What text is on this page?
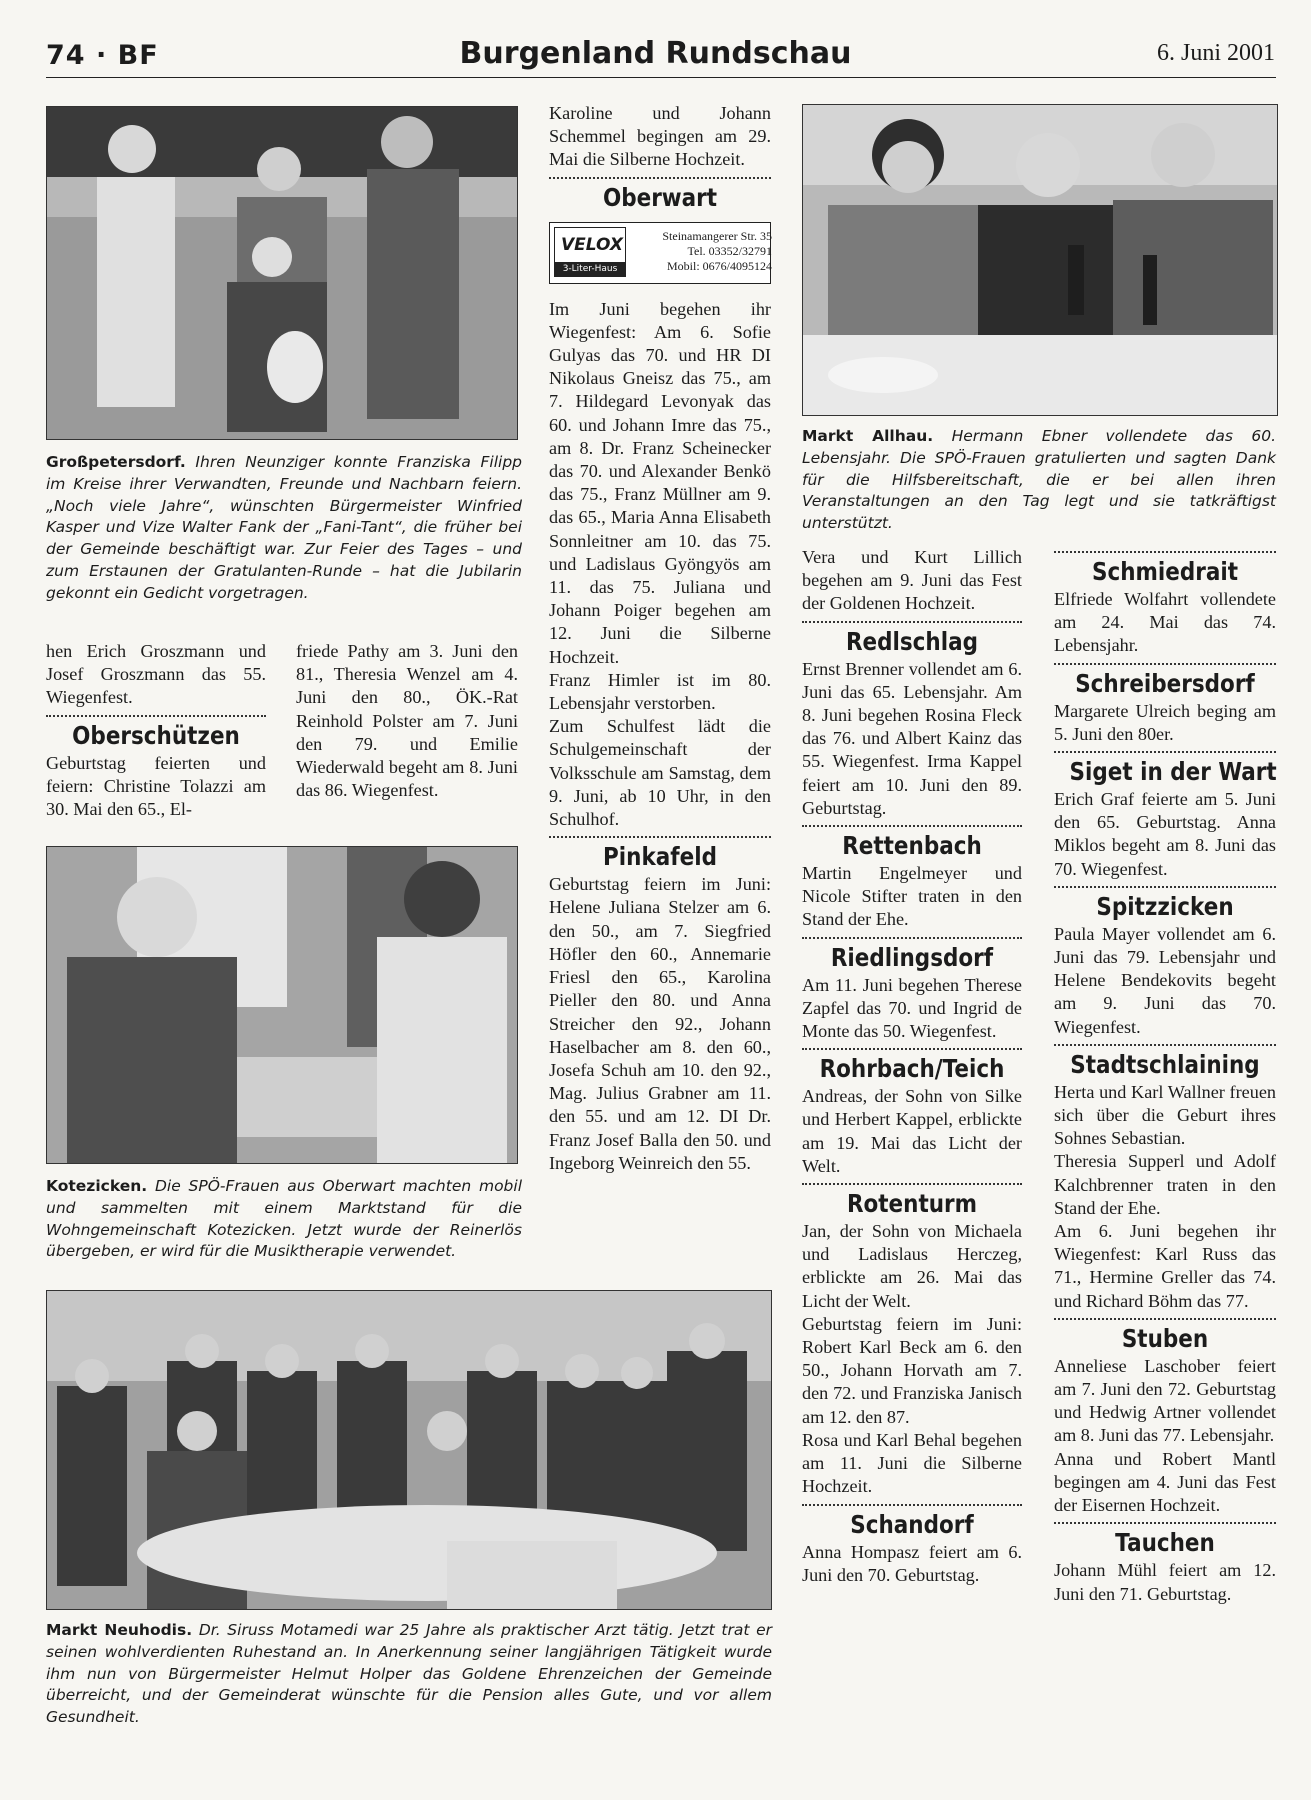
74 · BF	Burgenland Rundschau	6. Juni 2001
Großpetersdorf. Ihren Neunziger konnte Franziska Filipp im Kreise ihrer Verwandten, Freunde und Nachbarn feiern. „Noch viele Jahre“, wünschten Bürgermeister Winfried Kasper und Vize Walter Fank der „Fani-Tant“, die früher bei der Gemeinde beschäftigt war. Zur Feier des Tages – und zum Erstaunen der Gratulanten-Runde – hat die Jubilarin gekonnt ein Gedicht vorgetragen.

hen Erich Groszmann und Josef Groszmann das 55. Wiegenfest.

Oberschützen

Geburtstag feierten und feiern: Christine Tolazzi am 30. Mai den 65., El-

friede Pathy am 3. Juni den 81., Theresia Wenzel am 4. Juni den 80., ÖK.-Rat Reinhold Polster am 7. Juni den 79. und Emilie Wiederwald begeht am 8. Juni das 86. Wiegenfest.

Kotezicken. Die SPÖ-Frauen aus Oberwart machten mobil und sammelten mit einem Marktstand für die Wohngemeinschaft Kotezicken. Jetzt wurde der Reinerlös übergeben, er wird für die Musiktherapie verwendet.
Markt Neuhodis. Dr. Siruss Motamedi war 25 Jahre als praktischer Arzt tätig. Jetzt trat er seinen wohlverdienten Ruhestand an. In Anerkennung seiner langjährigen Tätigkeit wurde ihm nun von Bürgermeister Helmut Holper das Goldene Ehrenzeichen der Gemeinde überreicht, und der Gemeinderat wünschte für die Pension alles Gute, und vor allem Gesundheit.

Karoline und Johann Schemmel begingen am 29. Mai die Silberne Hochzeit.

Oberwart
VELOX
3-Liter-Haus
Steinamangerer Str. 35
Tel. 03352/32791
Mobil: 0676/4095124

Im Juni begehen ihr Wiegenfest: Am 6. Sofie Gulyas das 70. und HR DI Nikolaus Gneisz das 75., am 7. Hildegard Levonyak das 60. und Johann Imre das 75., am 8. Dr. Franz Scheinecker das 70. und Alexander Benkö das 75., Franz Müllner am 9. das 65., Maria Anna Elisabeth Sonnleitner am 10. das 75. und Ladislaus Gyöngyös am 11. das 75. Juliana und Johann Poiger begehen am 12. Juni die Silberne Hochzeit.

Franz Himler ist im 80. Lebensjahr verstorben.

Zum Schulfest lädt die Schulgemeinschaft der Volksschule am Samstag, dem 9. Juni, ab 10 Uhr, in den Schulhof.

Pinkafeld

Geburtstag feiern im Juni: Helene Juliana Stelzer am 6. den 50., am 7. Siegfried Höfler den 60., Annemarie Friesl den 65., Karolina Pieller den 80. und Anna Streicher den 92., Johann Haselbacher am 8. den 60., Josefa Schuh am 10. den 92., Mag. Julius Grabner am 11. den 55. und am 12. DI Dr. Franz Josef Balla den 50. und Ingeborg Weinreich den 55.

Markt Allhau. Hermann Ebner vollendete das 60. Lebensjahr. Die SPÖ-Frauen gratulierten und sagten Dank für die Hilfsbereitschaft, die er bei allen ihren Veranstaltungen an den Tag legt und sie tatkräftigst unterstützt.

Vera und Kurt Lillich begehen am 9. Juni das Fest der Goldenen Hochzeit.

Redlschlag

Ernst Brenner vollendet am 6. Juni das 65. Lebensjahr. Am 8. Juni begehen Rosina Fleck das 76. und Albert Kainz das 55. Wiegenfest. Irma Kappel feiert am 10. Juni den 89. Geburtstag.

Rettenbach

Martin Engelmeyer und Nicole Stifter traten in den Stand der Ehe.

Riedlingsdorf

Am 11. Juni begehen Therese Zapfel das 70. und Ingrid de Monte das 50. Wiegenfest.

Rohrbach/Teich

Andreas, der Sohn von Silke und Herbert Kappel, erblickte am 19. Mai das Licht der Welt.

Rotenturm

Jan, der Sohn von Michaela und Ladislaus Herczeg, erblickte am 26. Mai das Licht der Welt.

Geburtstag feiern im Juni: Robert Karl Beck am 6. den 50., Johann Horvath am 7. den 72. und Franziska Janisch am 12. den 87.

Rosa und Karl Behal begehen am 11. Juni die Silberne Hochzeit.

Schandorf

Anna Hompasz feiert am 6. Juni den 70. Geburtstag.

Schmiedrait

Elfriede Wolfahrt vollendete am 24. Mai das 74. Lebensjahr.

Schreibersdorf

Margarete Ulreich beging am 5. Juni den 80er.

Siget in der Wart

Erich Graf feierte am 5. Juni den 65. Geburtstag. Anna Miklos begeht am 8. Juni das 70. Wiegenfest.

Spitzzicken

Paula Mayer vollendet am 6. Juni das 79. Lebensjahr und Helene Bendekovits begeht am 9. Juni das 70. Wiegenfest.

Stadtschlaining

Herta und Karl Wallner freuen sich über die Geburt ihres Sohnes Sebastian.

Theresia Supperl und Adolf Kalchbrenner traten in den Stand der Ehe.

Am 6. Juni begehen ihr Wiegenfest: Karl Russ das 71., Hermine Greller das 74. und Richard Böhm das 77.

Stuben

Anneliese Laschober feiert am 7. Juni den 72. Geburtstag und Hedwig Artner vollendet am 8. Juni das 77. Lebensjahr.

Anna und Robert Mantl begingen am 4. Juni das Fest der Eisernen Hochzeit.

Tauchen

Johann Mühl feiert am 12. Juni den 71. Geburtstag.
